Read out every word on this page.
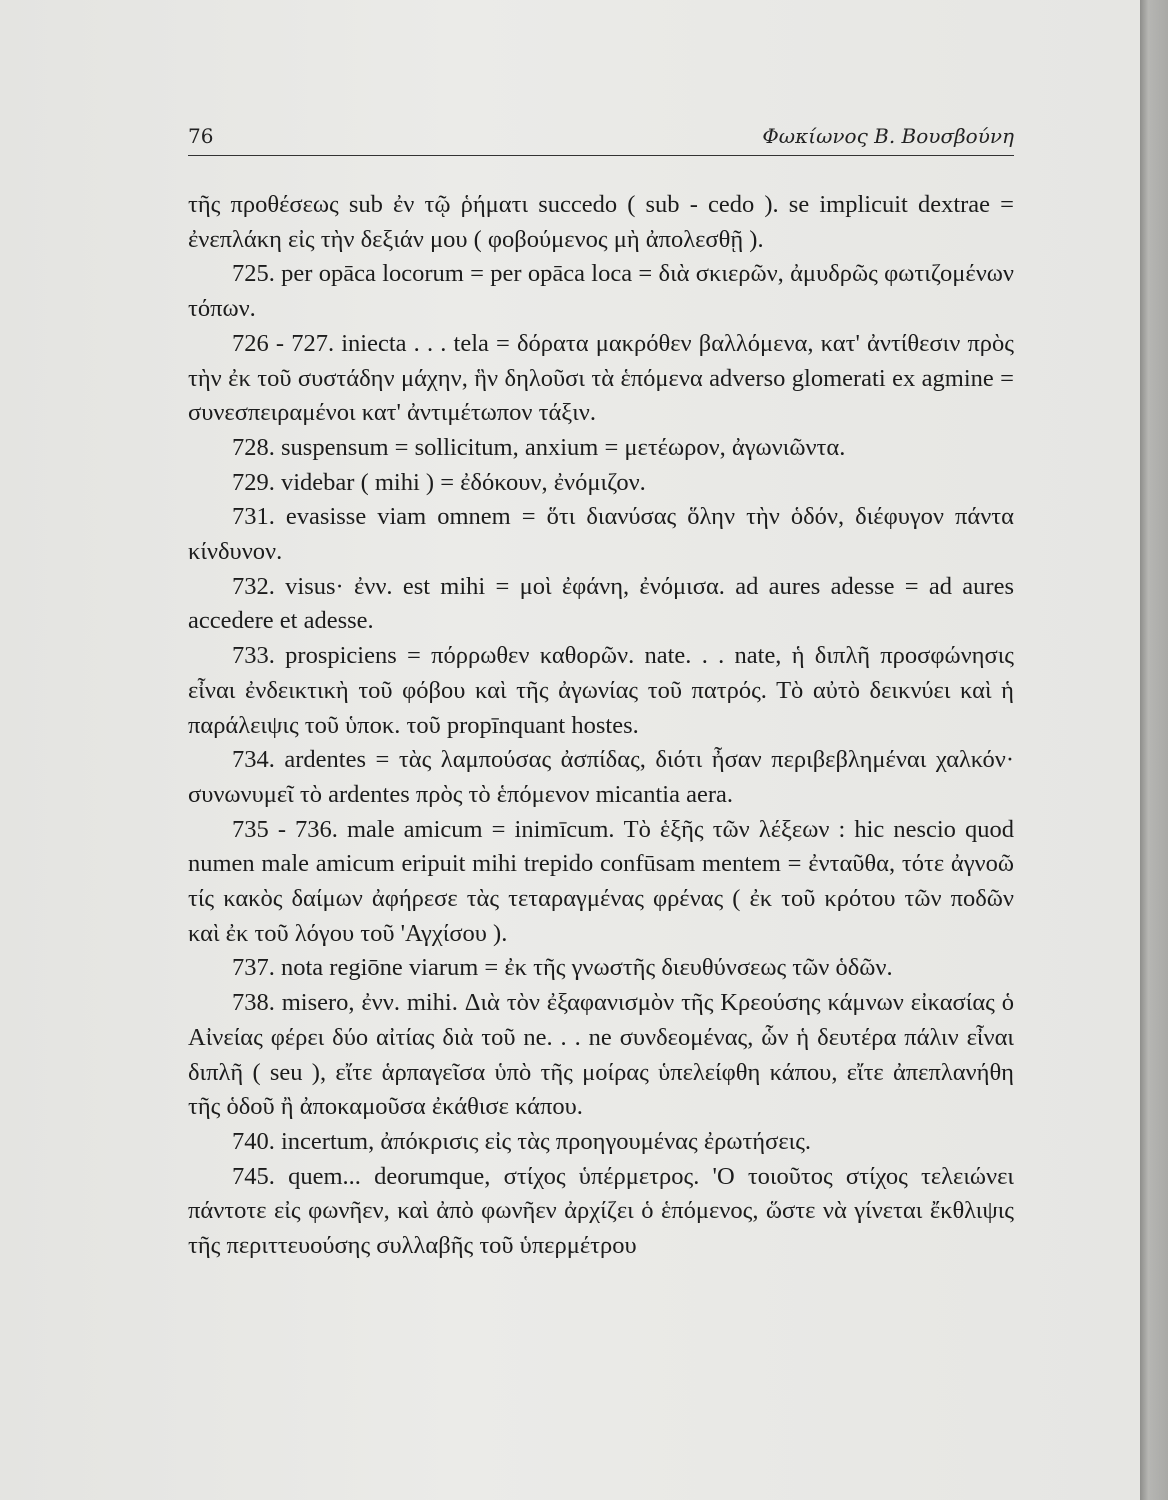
76	Φωκίωνος Β. Βουσβούνη

τῆς προθέσεως sub ἐν τῷ ῥήματι succedo ( sub - cedo ). se implicuit dextrae = ἐνεπλάκη εἰς τὴν δεξιάν μου ( φοβούμενος μὴ ἀπολεσθῇ ).

725. per opāca locorum = per opāca loca = διὰ σκιερῶν, ἀμυδρῶς φωτιζομένων τόπων.

726 - 727. iniecta . . . tela = δόρατα μακρόθεν βαλλόμενα, κατ' ἀντίθεσιν πρὸς τὴν ἐκ τοῦ συστάδην μάχην, ἣν δηλοῦσι τὰ ἑπόμενα adverso glomerati ex agmine = συνεσπειραμένοι κατ' ἀντιμέτωπον τάξιν.

728. suspensum = sollicitum, anxium = μετέωρον, ἀγωνιῶντα.

729. videbar ( mihi ) = ἐδόκουν, ἐνόμιζον.

731. evasisse viam omnem = ὅτι διανύσας ὅλην τὴν ὁδόν, διέφυγον πάντα κίνδυνον.

732. visus· ἐνν. est mihi = μοὶ ἐφάνη, ἐνόμισα. ad aures adesse = ad aures accedere et adesse.

733. prospiciens = πόρρωθεν καθορῶν. nate. . . nate, ἡ διπλῆ προσφώνησις εἶναι ἐνδεικτικὴ τοῦ φόβου καὶ τῆς ἀγωνίας τοῦ πατρός. Τὸ αὐτὸ δεικνύει καὶ ἡ παράλειψις τοῦ ὑποκ. τοῦ propīnquant hostes.

734. ardentes = τὰς λαμπούσας ἀσπίδας, διότι ἦσαν περιβεβλημέναι χαλκόν· συνωνυμεῖ τὸ ardentes πρὸς τὸ ἑπόμενον micantia aera.

735 - 736. male amicum = inimīcum. Τὸ ἑξῆς τῶν λέξεων : hic nescio quod numen male amicum eripuit mihi trepido confūsam mentem = ἐνταῦθα, τότε ἀγνοῶ τίς κακὸς δαίμων ἀφήρεσε τὰς τεταραγμένας φρένας ( ἐκ τοῦ κρότου τῶν ποδῶν καὶ ἐκ τοῦ λόγου τοῦ 'Αγχίσου ).

737. nota regiōne viarum = ἐκ τῆς γνωστῆς διευθύνσεως τῶν ὁδῶν.

738. misero, ἐνν. mihi. Διὰ τὸν ἐξαφανισμὸν τῆς Κρεούσης κάμνων εἰκασίας ὁ Αἰνείας φέρει δύο αἰτίας διὰ τοῦ ne. . . ne συνδεομένας, ὧν ἡ δευτέρα πάλιν εἶναι διπλῆ ( seu ), εἴτε ἁρπαγεῖσα ὑπὸ τῆς μοίρας ὑπελείφθη κάπου, εἴτε ἀπεπλανήθη τῆς ὁδοῦ ἢ ἀποκαμοῦσα ἐκάθισε κάπου.

740. incertum, ἀπόκρισις εἰς τὰς προηγουμένας ἐρωτήσεις.

745. quem... deorumque, στίχος ὑπέρμετρος. 'Ο τοιοῦτος στίχος τελειώνει πάντοτε εἰς φωνῆεν, καὶ ἀπὸ φωνῆεν ἀρχίζει ὁ ἑπόμενος, ὥστε νὰ γίνεται ἔκθλιψις τῆς περιττευούσης συλλαβῆς τοῦ ὑπερμέτρου
